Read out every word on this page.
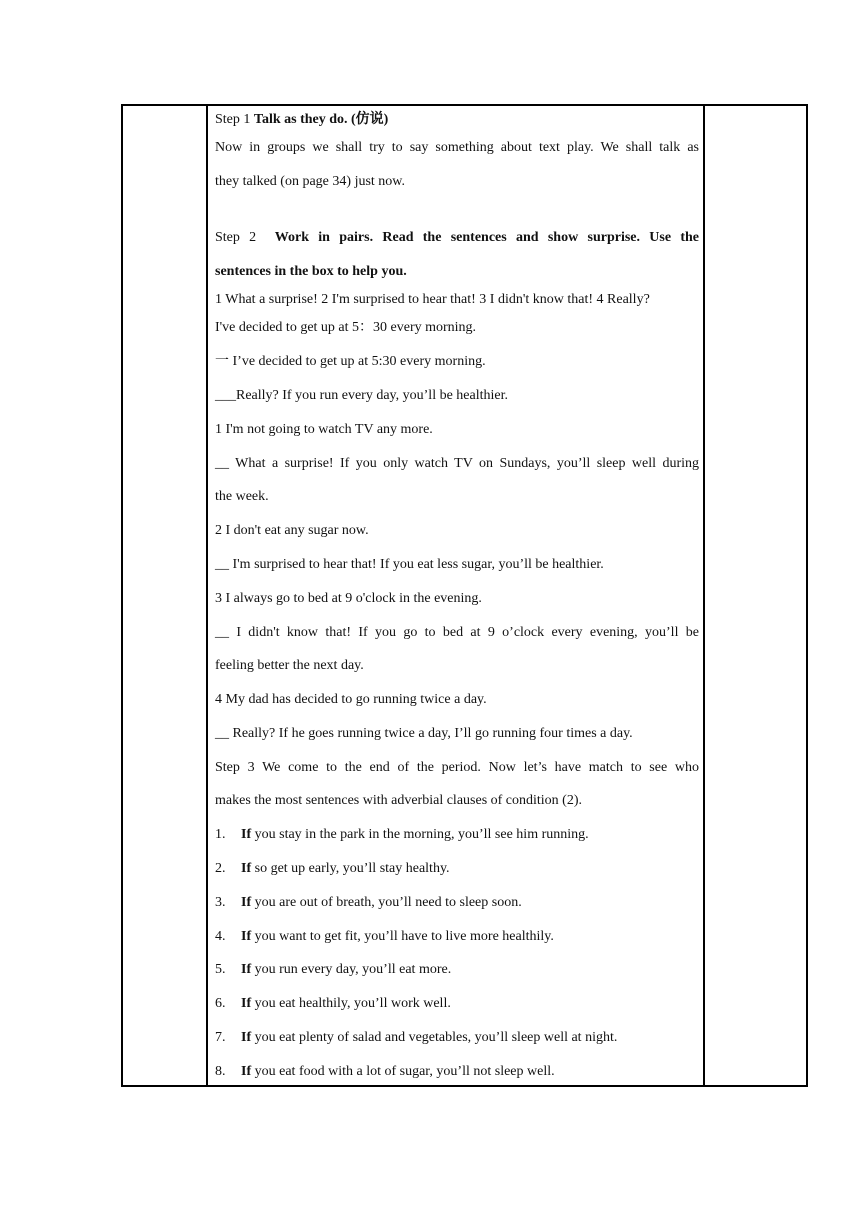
Step 1 Talk as they do. (仿说)
Now in groups we shall try to say something about text play. We shall talk as
they talked (on page 34) just now.
Step 2  Work in pairs. Read the sentences and show surprise. Use the
sentences in the box to help you.
1 What a surprise! 2 I'm surprised to hear that! 3 I didn't know that! 4 Really?
I've decided to get up at 5：30 every morning.
一 I’ve decided to get up at 5:30 every morning.
___Really? If you run every day, you’ll be healthier.
1 I'm not going to watch TV any more.
__ What a surprise! If you only watch TV on Sundays, you’ll sleep well during
the week.
2 I don't eat any sugar now.
__ I'm surprised to hear that! If you eat less sugar, you’ll be healthier.
3 I always go to bed at 9 o'clock in the evening.
__ I didn't know that! If you go to bed at 9 o’clock every evening, you’ll be
feeling better the next day.
4 My dad has decided to go running twice a day.
__ Really? If he goes running twice a day, I’ll go running four times a day.
Step 3 We come to the end of the period. Now let’s have match to see who
makes the most sentences with adverbial clauses of condition (2).
1. If you stay in the park in the morning, you’ll see him running.
2. If so get up early, you’ll stay healthy.
3. If you are out of breath, you’ll need to sleep soon.
4. If you want to get fit, you’ll have to live more healthily.
5. If you run every day, you’ll eat more.
6. If you eat healthily, you’ll work well.
7. If you eat plenty of salad and vegetables, you’ll sleep well at night.
8. If you eat food with a lot of sugar, you’ll not sleep well.
